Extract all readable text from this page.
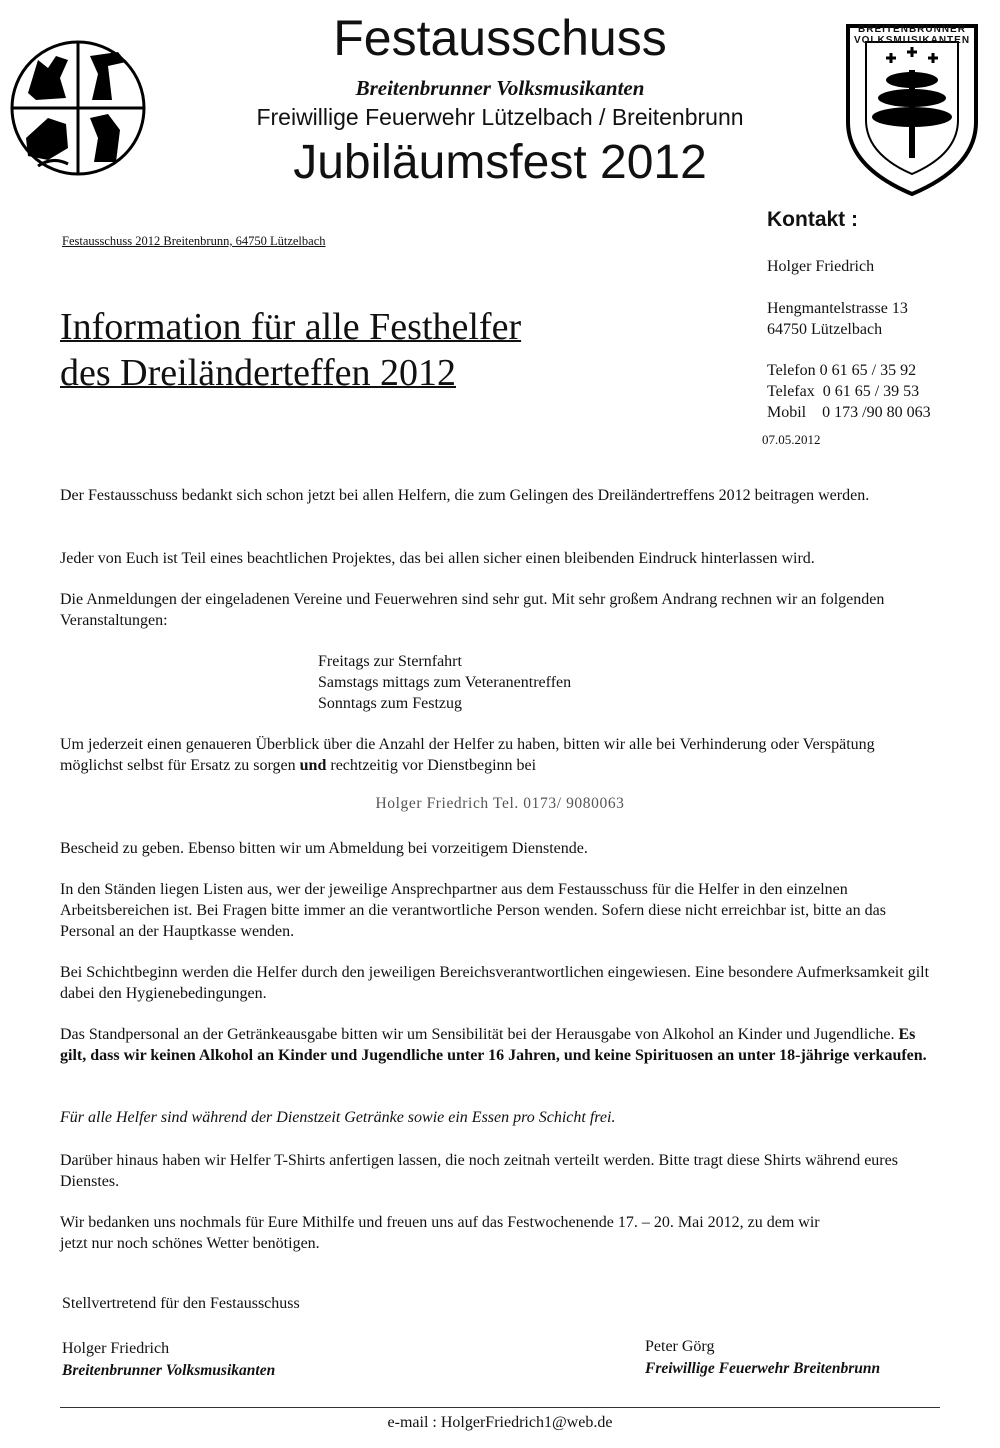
BREITENBRUNNER VOLKSMUSIKANTEN
Festausschuss
Breitenbrunner Volksmusikanten
Freiwillige Feuerwehr Lützelbach / Breitenbrunn
Jubiläumsfest 2012
Festausschuss 2012 Breitenbrunn, 64750 Lützelbach
Kontakt :
Holger Friedrich
Hengmantelstrasse 13
64750 Lützelbach
Telefon 0 61 65 / 35 92
Telefax  0 61 65 / 39 53
Mobil    0 173 /90 80 063
07.05.2012
Information für alle Festhelfer
des Dreiländerteffen 2012

Der Festausschuss bedankt sich schon jetzt bei allen Helfern, die zum Gelingen des Dreiländertreffens 2012 beitragen werden.

Jeder von Euch ist Teil eines beachtlichen Projektes, das bei allen sicher einen bleibenden Eindruck hinterlassen wird.

Die Anmeldungen der eingeladenen Vereine und Feuerwehren sind sehr gut. Mit sehr großem Andrang rechnen wir an folgenden Veranstaltungen:

Freitags zur Sternfahrt
Samstags mittags zum Veteranentreffen
Sonntags zum Festzug

Um jederzeit einen genaueren Überblick über die Anzahl der Helfer zu haben, bitten wir alle bei Verhinderung oder Verspätung möglichst selbst für Ersatz zu sorgen und rechtzeitig vor Dienstbeginn bei

Holger Friedrich Tel. 0173/ 9080063

Bescheid zu geben. Ebenso bitten wir um Abmeldung bei vorzeitigem Dienstende.

In den Ständen liegen Listen aus, wer der jeweilige Ansprechpartner aus dem Festausschuss für die Helfer in den einzelnen Arbeitsbereichen ist. Bei Fragen bitte immer an die verantwortliche Person wenden. Sofern diese nicht erreichbar ist, bitte an das Personal an der Hauptkasse wenden.

Bei Schichtbeginn werden die Helfer durch den jeweiligen Bereichsverantwortlichen eingewiesen. Eine besondere Aufmerksamkeit gilt dabei den Hygienebedingungen.

Das Standpersonal an der Getränkeausgabe bitten wir um Sensibilität bei der Herausgabe von Alkohol an Kinder und Jugendliche. Es gilt, dass wir keinen Alkohol an Kinder und Jugendliche unter 16 Jahren, und keine Spirituosen an unter 18-jährige verkaufen.

Für alle Helfer sind während der Dienstzeit Getränke sowie ein Essen pro Schicht frei.

Darüber hinaus haben wir Helfer T-Shirts anfertigen lassen, die noch zeitnah verteilt werden. Bitte tragt diese Shirts während eures Dienstes.

Wir bedanken uns nochmals für Eure Mithilfe und freuen uns auf das Festwochenende 17. – 20. Mai 2012, zu dem wir jetzt nur noch schönes Wetter benötigen.

Stellvertretend für den Festausschuss
Holger Friedrich
Breitenbrunner Volksmusikanten
Peter Görg
Freiwillige Feuerwehr Breitenbrunn
e-mail : HolgerFriedrich1@web.de
